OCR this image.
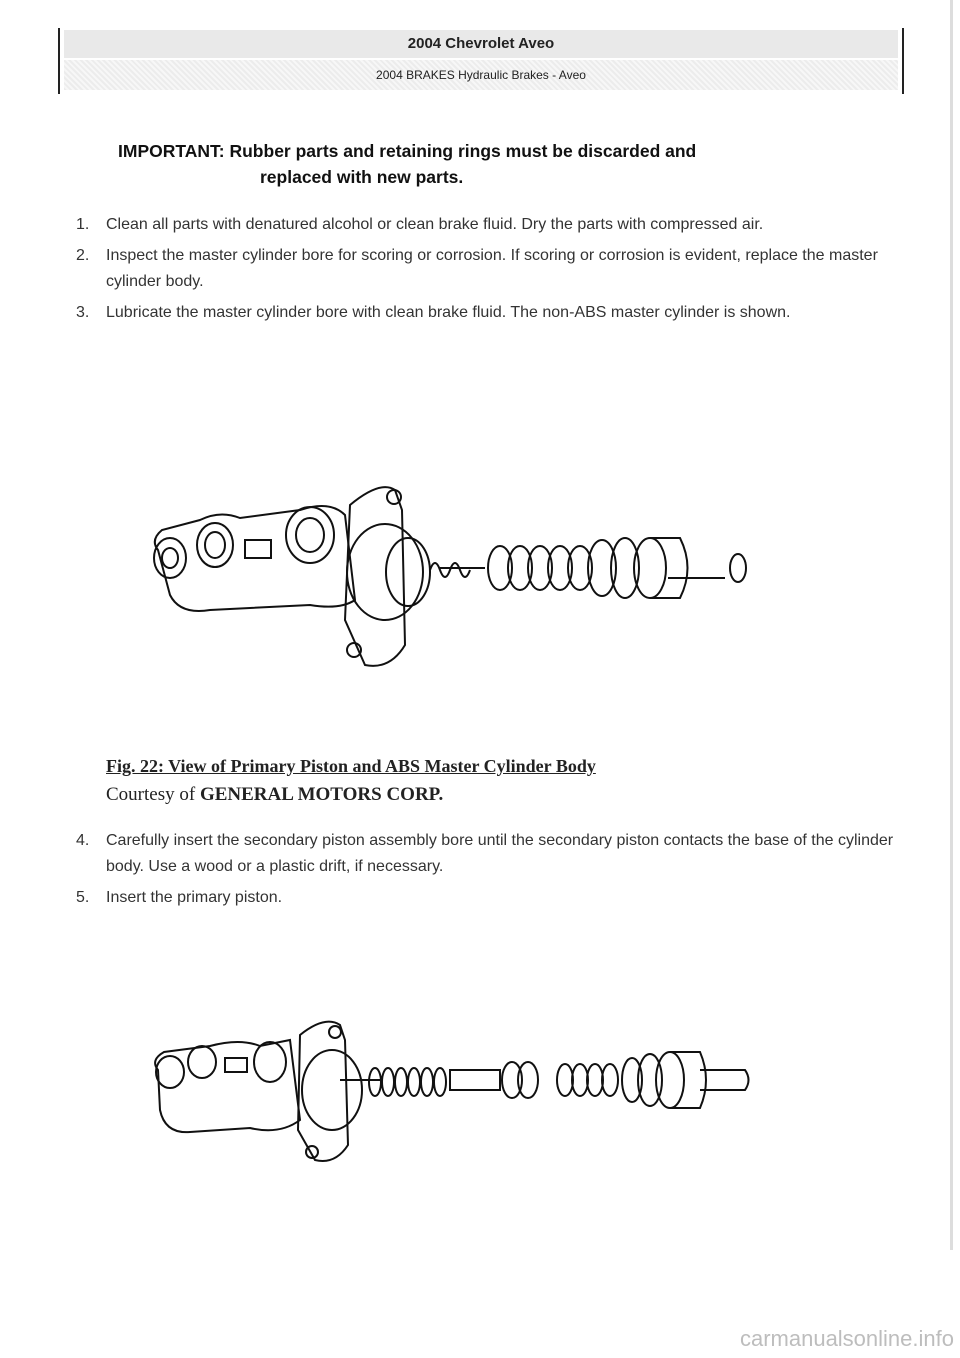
2004 Chevrolet Aveo
2004 BRAKES Hydraulic Brakes - Aveo
IMPORTANT: Rubber parts and retaining rings must be discarded and
replaced with new parts.
1. Clean all parts with denatured alcohol or clean brake fluid. Dry the parts with compressed air.
2. Inspect the master cylinder bore for scoring or corrosion. If scoring or corrosion is evident, replace the master cylinder body.
3. Lubricate the master cylinder bore with clean brake fluid. The non-ABS master cylinder is shown.
Fig. 22: View of Primary Piston and ABS Master Cylinder Body
Courtesy of GENERAL MOTORS CORP.
4. Carefully insert the secondary piston assembly bore until the secondary piston contacts the base of the cylinder body. Use a wood or a plastic drift, if necessary.
5. Insert the primary piston.
carmanualsonline.info
